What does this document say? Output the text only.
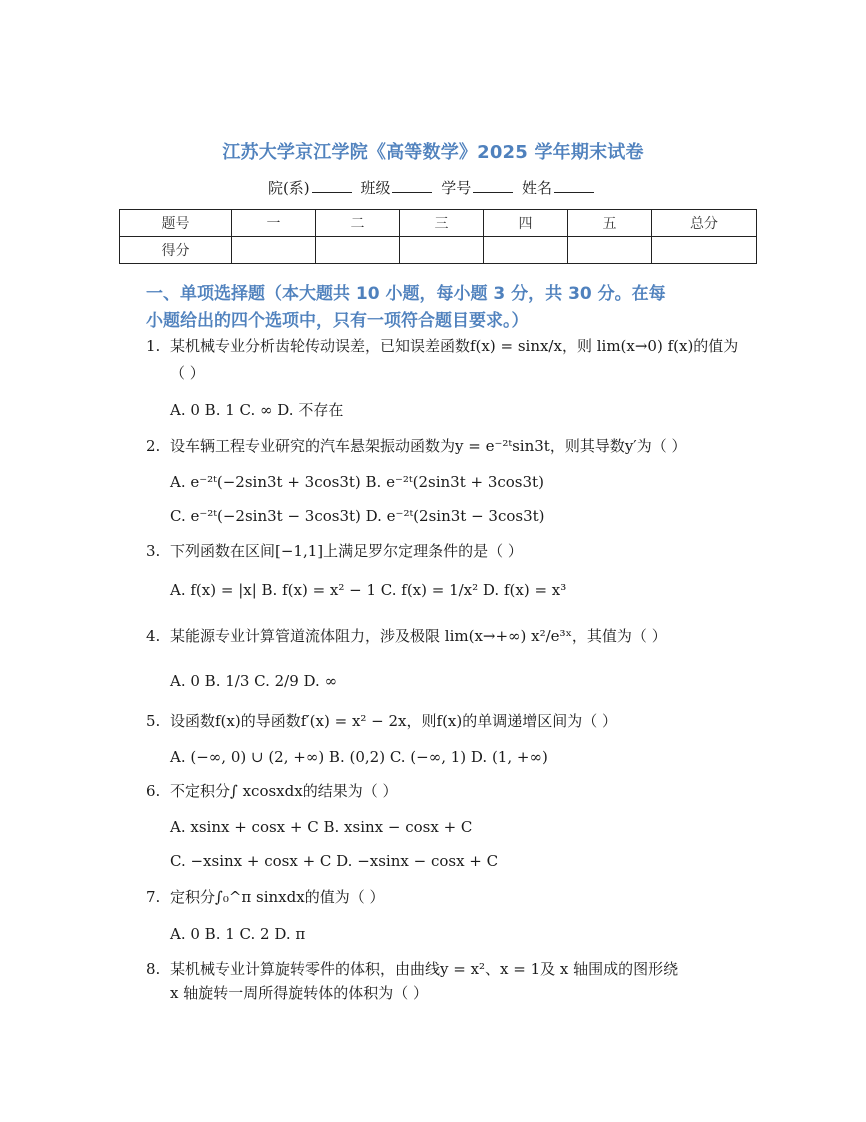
江苏大学京江学院《高等数学》2025 学年期末试卷
院(系)	班级	学号	姓名
题号	一	二	三	四	五	总分
得分						
一、单项选择题（本大题共 10 小题，每小题 3 分，共 30 分。在每
小题给出的四个选项中，只有一项符合题目要求。）
1. 某机械专业分析齿轮传动误差，已知误差函数f(x) = sinx/x，则 lim(x→0) f(x)的值为
（ ）
A. 0 B. 1 C. ∞ D. 不存在
2. 设车辆工程专业研究的汽车悬架振动函数为y = e⁻²ᵗsin3t，则其导数y′为（ ）
A. e⁻²ᵗ(−2sin3t + 3cos3t) B. e⁻²ᵗ(2sin3t + 3cos3t)
C. e⁻²ᵗ(−2sin3t − 3cos3t) D. e⁻²ᵗ(2sin3t − 3cos3t)
3. 下列函数在区间[−1,1]上满足罗尔定理条件的是（ ）
A. f(x) = |x| B. f(x) = x² − 1 C. f(x) = 1/x² D. f(x) = x³
4. 某能源专业计算管道流体阻力，涉及极限 lim(x→+∞) x²/e³ˣ，其值为（ ）
A. 0 B. 1/3 C. 2/9 D. ∞
5. 设函数f(x)的导函数f′(x) = x² − 2x，则f(x)的单调递增区间为（ ）
A. (−∞, 0) ∪ (2, +∞) B. (0,2) C. (−∞, 1) D. (1, +∞)
6. 不定积分∫ xcosxdx的结果为（ ）
A. xsinx + cosx + C B. xsinx − cosx + C
C. −xsinx + cosx + C D. −xsinx − cosx + C
7. 定积分∫₀^π sinxdx的值为（ ）
A. 0 B. 1 C. 2 D. π
8. 某机械专业计算旋转零件的体积，由曲线y = x²、x = 1及 x 轴围成的图形绕
x 轴旋转一周所得旋转体的体积为（ ）
